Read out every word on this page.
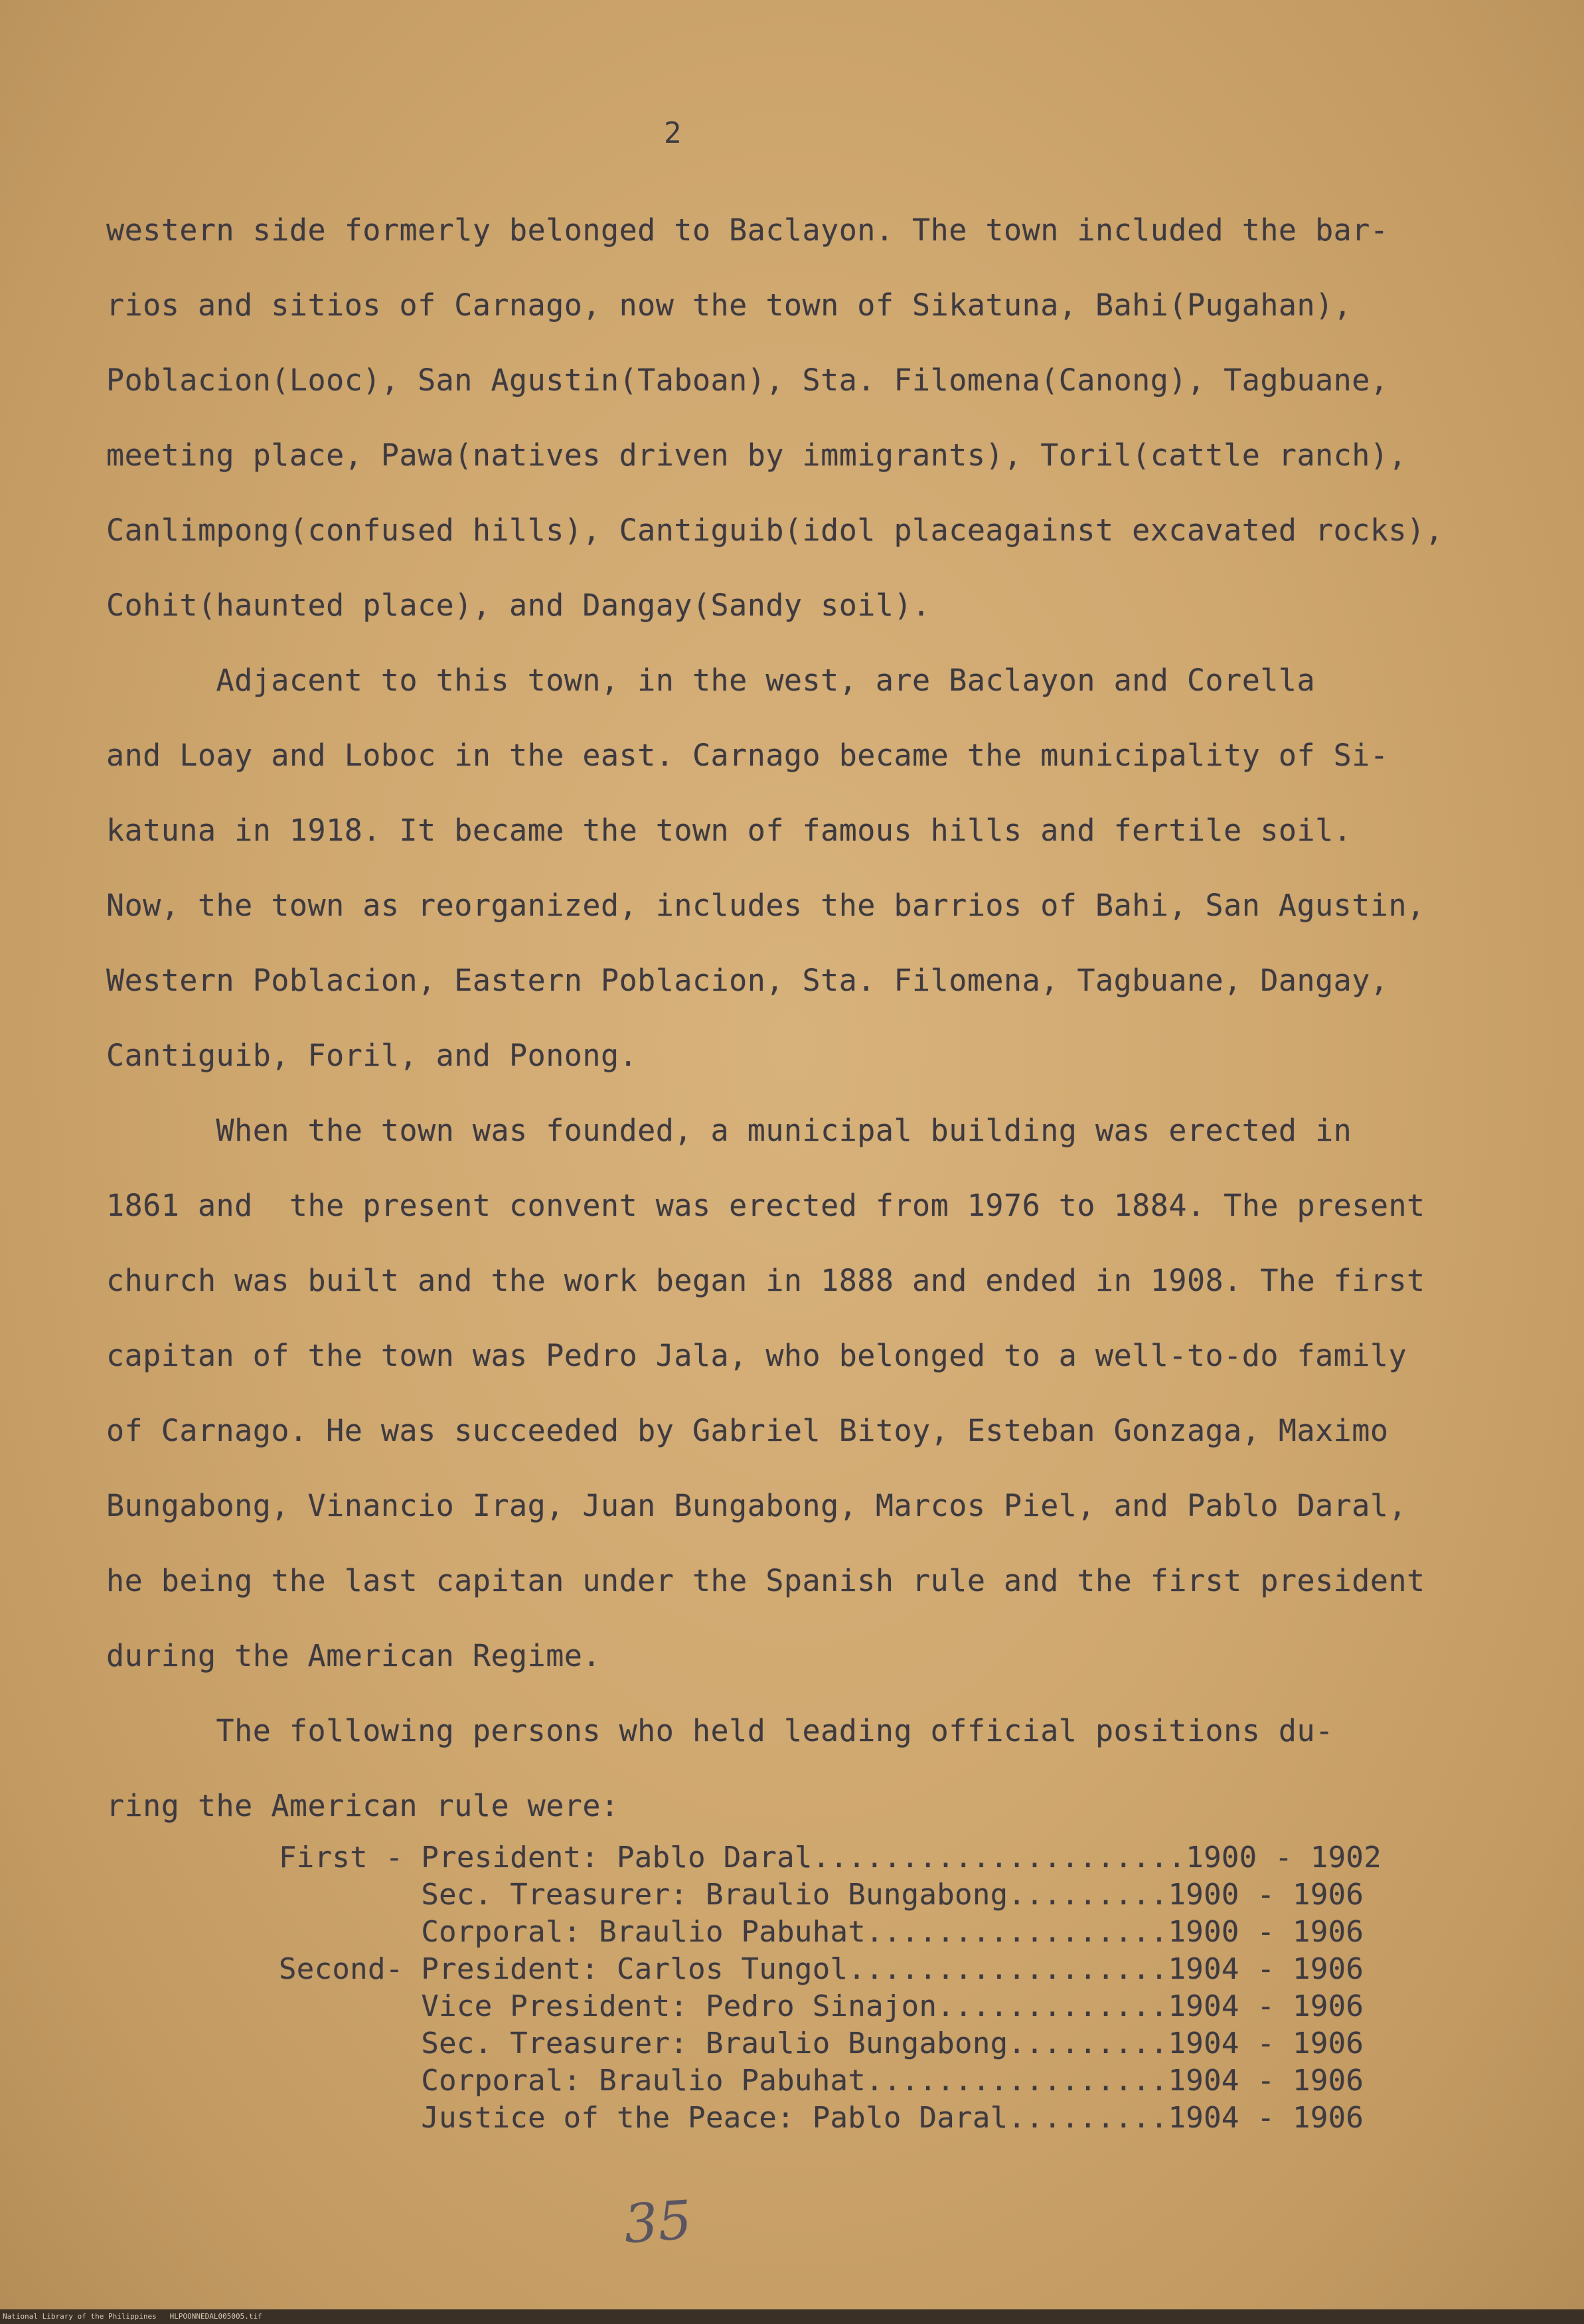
2
western side formerly belonged to Baclayon. The town included the bar-
rios and sitios of Carnago, now the town of Sikatuna, Bahi(Pugahan),
Poblacion(Looc), San Agustin(Taboan), Sta. Filomena(Canong), Tagbuane,
meeting place, Pawa(natives driven by immigrants), Toril(cattle ranch),
Canlimpong(confused hills), Cantiguib(idol placeagainst excavated rocks),
Cohit(haunted place), and Dangay(Sandy soil).
Adjacent to this town, in the west, are Baclayon and Corella
and Loay and Loboc in the east. Carnago became the municipality of Si-
katuna in 1918. It became the town of famous hills and fertile soil.
Now, the town as reorganized, includes the barrios of Bahi, San Agustin,
Western Poblacion, Eastern Poblacion, Sta. Filomena, Tagbuane, Dangay,
Cantiguib, Foril, and Ponong.
When the town was founded, a municipal building was erected in
1861 and  the present convent was erected from 1976 to 1884. The present
church was built and the work began in 1888 and ended in 1908. The first
capitan of the town was Pedro Jala, who belonged to a well-to-do family
of Carnago. He was succeeded by Gabriel Bitoy, Esteban Gonzaga, Maximo
Bungabong, Vinancio Irag, Juan Bungabong, Marcos Piel, and Pablo Daral,
he being the last capitan under the Spanish rule and the first president
during the American Regime.
The following persons who held leading official positions du-
ring the American rule were:
First - President: Pablo Daral.....................1900 - 1902
Sec. Treasurer: Braulio Bungabong.........1900 - 1906
Corporal: Braulio Pabuhat.................1900 - 1906
Second- President: Carlos Tungol..................1904 - 1906
Vice President: Pedro Sinajon.............1904 - 1906
Sec. Treasurer: Braulio Bungabong.........1904 - 1906
Corporal: Braulio Pabuhat.................1904 - 1906
Justice of the Peace: Pablo Daral.........1904 - 1906
35
National Library of the Philippines   HLPOONNEDAL005005.tif
